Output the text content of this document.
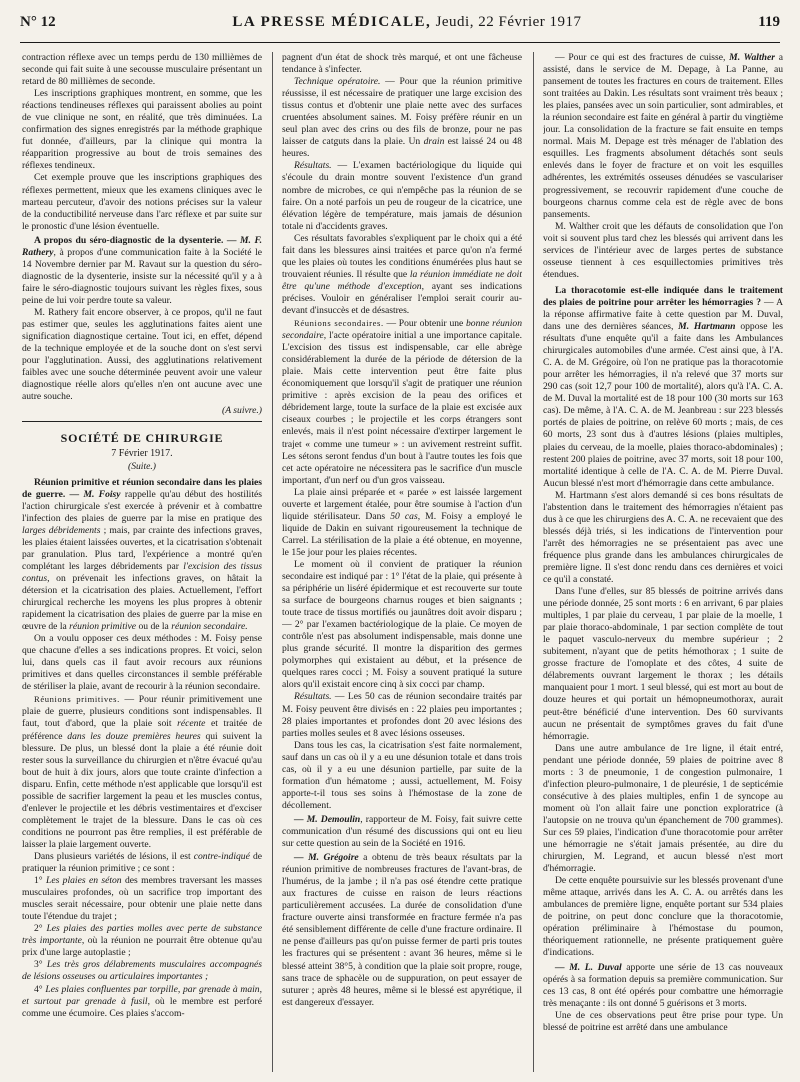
N° 12	LA PRESSE MÉDICALE, Jeudi, 22 Février 1917	119

contraction réflexe avec un temps perdu de 130 millièmes de seconde qui fait suite à une secousse musculaire présentant un retard de 80 millièmes de seconde.

Les inscriptions graphiques montrent, en somme, que les réactions tendineuses réflexes qui paraissent abolies au point de vue clinique ne sont, en réalité, que très diminuées. La confirmation des signes enregistrés par la méthode graphique fut donnée, d'ailleurs, par la clinique qui montra la réapparition progressive au bout de trois semaines des réflexes tendineux.

Cet exemple prouve que les inscriptions graphiques des réflexes permettent, mieux que les examens cliniques avec le marteau percuteur, d'avoir des notions précises sur la valeur de la conductibilité nerveuse dans l'arc réflexe et par suite sur le pronostic d'une lésion éventuelle.

A propos du séro-diagnostic de la dysenterie. — M. F. Rathery, à propos d'une communication faite à la Société le 14 Novembre dernier par M. Ravaut sur la question du séro-diagnostic de la dysenterie, insiste sur la nécessité qu'il y a à faire le séro-diagnostic toujours suivant les règles fixes, sous peine de lui voir perdre toute sa valeur.

M. Rathery fait encore observer, à ce propos, qu'il ne faut pas estimer que, seules les agglutinations faites aient une signification diagnostique certaine. Tout ici, en effet, dépend de la technique employée et de la souche dont on s'est servi pour l'agglutination. Aussi, des agglutinations relativement faibles avec une souche déterminée peuvent avoir une valeur diagnostique réelle alors qu'elles n'en ont aucune avec une autre souche.

(A suivre.)
SOCIÉTÉ DE CHIRURGIE
7 Février 1917.
(Suite.)

Réunion primitive et réunion secondaire dans les plaies de guerre. — M. Foisy rappelle qu'au début des hostilités l'action chirurgicale s'est exercée à prévenir et à combattre l'infection des plaies de guerre par la mise en pratique des larges débridements ; mais, par crainte des infections graves, les plaies étaient laissées ouvertes, et la cicatrisation s'obtenait par granulation. Plus tard, l'expérience a montré qu'en complétant les larges débridements par l'excision des tissus contus, on prévenait les infections graves, on hâtait la détersion et la cicatrisation des plaies. Actuellement, l'effort chirurgical recherche les moyens les plus propres à obtenir rapidement la cicatrisation des plaies de guerre par la mise en œuvre de la réunion primitive ou de la réunion secondaire.

On a voulu opposer ces deux méthodes : M. Foisy pense que chacune d'elles a ses indications propres. Et voici, selon lui, dans quels cas il faut avoir recours aux réunions primitives et dans quelles circonstances il semble préférable de stériliser la plaie, avant de recourir à la réunion secondaire.

Réunions primitives. — Pour réunir primitivement une plaie de guerre, plusieurs conditions sont indispensables. Il faut, tout d'abord, que la plaie soit récente et traitée de préférence dans les douze premières heures qui suivent la blessure. De plus, un blessé dont la plaie a été réunie doit rester sous la surveillance du chirurgien et n'être évacué qu'au bout de huit à dix jours, alors que toute crainte d'infection a disparu. Enfin, cette méthode n'est applicable que lorsqu'il est possible de sacrifier largement la peau et les muscles contus, d'enlever le projectile et les débris vestimentaires et d'exciser complètement le trajet de la blessure. Dans le cas où ces conditions ne pourront pas être remplies, il est préférable de laisser la plaie largement ouverte.

Dans plusieurs variétés de lésions, il est contre-indiqué de pratiquer la réunion primitive ; ce sont :

1° Les plaies en séton des membres traversant les masses musculaires profondes, où un sacrifice trop important des muscles serait nécessaire, pour obtenir une plaie nette dans toute l'étendue du trajet ;

2° Les plaies des parties molles avec perte de substance très importante, où la réunion ne pourrait être obtenue qu'au prix d'une large autoplastie ;

3° Les très gros délabrements musculaires accompagnés de lésions osseuses ou articulaires importantes ;

4° Les plaies confluentes par torpille, par grenade à main, et surtout par grenade à fusil, où le membre est perforé comme une écumoire. Ces plaies s'accom-

pagnent d'un état de shock très marqué, et ont une fâcheuse tendance à s'infecter.

Technique opératoire. — Pour que la réunion primitive réussisse, il est nécessaire de pratiquer une large excision des tissus contus et d'obtenir une plaie nette avec des surfaces cruentées absolument saines. M. Foisy préfère réunir en un seul plan avec des crins ou des fils de bronze, pour ne pas laisser de catguts dans la plaie. Un drain est laissé 24 ou 48 heures.

Résultats. — L'examen bactériologique du liquide qui s'écoule du drain montre souvent l'existence d'un grand nombre de microbes, ce qui n'empêche pas la réunion de se faire. On a noté parfois un peu de rougeur de la cicatrice, une élévation légère de température, mais jamais de désunion totale ni d'accidents graves.

Ces résultats favorables s'expliquent par le choix qui a été fait dans les blessures ainsi traitées et parce qu'on n'a fermé que les plaies où toutes les conditions énumérées plus haut se trouvaient réunies. Il résulte que la réunion immédiate ne doit être qu'une méthode d'exception, ayant ses indications précises. Vouloir en généraliser l'emploi serait courir au-devant d'insuccès et de désastres.

Réunions secondaires. — Pour obtenir une bonne réunion secondaire, l'acte opératoire initial a une importance capitale. L'excision des tissus est indispensable, car elle abrège considérablement la durée de la période de détersion de la plaie. Mais cette intervention peut être faite plus économiquement que lorsqu'il s'agit de pratiquer une réunion primitive : après excision de la peau des orifices et débridement large, toute la surface de la plaie est excisée aux ciseaux courbes ; le projectile et les corps étrangers sont enlevés, mais il n'est point nécessaire d'extirper largement le trajet « comme une tumeur » : un avivement restreint suffit. Les sétons seront fendus d'un bout à l'autre toutes les fois que cet acte opératoire ne nécessitera pas le sacrifice d'un muscle important, d'un nerf ou d'un gros vaisseau.

La plaie ainsi préparée et « parée » est laissée largement ouverte et largement étalée, pour être soumise à l'action d'un liquide stérilisateur. Dans 50 cas, M. Foisy a employé le liquide de Dakin en suivant rigoureusement la technique de Carrel. La stérilisation de la plaie a été obtenue, en moyenne, le 15e jour pour les plaies récentes.

Le moment où il convient de pratiquer la réunion secondaire est indiqué par : 1° l'état de la plaie, qui présente à sa périphérie un liséré épidermique et est recouverte sur toute sa surface de bourgeons charnus rouges et bien saignants ; toute trace de tissus mortifiés ou jaunâtres doit avoir disparu ; — 2° par l'examen bactériologique de la plaie. Ce moyen de contrôle n'est pas absolument indispensable, mais donne une plus grande sécurité. Il montre la disparition des germes polymorphes qui existaient au début, et la présence de quelques rares cocci ; M. Foisy a souvent pratiqué la suture alors qu'il existait encore cinq à six cocci par champ.

Résultats. — Les 50 cas de réunion secondaire traités par M. Foisy peuvent être divisés en : 22 plaies peu importantes ; 28 plaies importantes et profondes dont 20 avec lésions des parties molles seules et 8 avec lésions osseuses.

Dans tous les cas, la cicatrisation s'est faite normalement, sauf dans un cas où il y a eu une désunion totale et dans trois cas, où il y a eu une désunion partielle, par suite de la formation d'un hématome ; aussi, actuellement, M. Foisy apporte-t-il tous ses soins à l'hémostase de la zone de décollement.

— M. Demoulin, rapporteur de M. Foisy, fait suivre cette communication d'un résumé des discussions qui ont eu lieu sur cette question au sein de la Société en 1916.

— M. Grégoire a obtenu de très beaux résultats par la réunion primitive de nombreuses fractures de l'avant-bras, de l'humérus, de la jambe ; il n'a pas osé étendre cette pratique aux fractures de cuisse en raison de leurs réactions particulièrement accusées. La durée de consolidation d'une fracture ouverte ainsi transformée en fracture fermée n'a pas été sensiblement différente de celle d'une fracture ordinaire. Il ne pense d'ailleurs pas qu'on puisse fermer de parti pris toutes les fractures qui se présentent : avant 36 heures, même si le blessé atteint 38°5, à condition que la plaie soit propre, rouge, sans trace de sphacèle ou de suppuration, on peut essayer de suturer ; après 48 heures, même si le blessé est apyrétique, il est dangereux d'essayer.

— Pour ce qui est des fractures de cuisse, M. Walther a assisté, dans le service de M. Depage, à La Panne, au pansement de toutes les fractures en cours de traitement. Elles sont traitées au Dakin. Les résultats sont vraiment très beaux ; les plaies, pansées avec un soin particulier, sont admirables, et la réunion secondaire est faite en général à partir du vingtième jour. La consolidation de la fracture se fait ensuite en temps normal. Mais M. Depage est très ménager de l'ablation des esquilles. Les fragments absolument détachés sont seuls enlevés dans le foyer de fracture et on voit les esquilles adhérentes, les extrémités osseuses dénudées se vasculariser progressivement, se recouvrir rapidement d'une couche de bourgeons charnus comme cela est de règle avec de bons pansements.

M. Walther croit que les défauts de consolidation que l'on voit si souvent plus tard chez les blessés qui arrivent dans les services de l'intérieur avec de larges pertes de substance osseuse tiennent à ces esquillectomies primitives très étendues.

La thoracotomie est-elle indiquée dans le traitement des plaies de poitrine pour arrêter les hémorragies ? — A la réponse affirmative faite à cette question par M. Duval, dans une des dernières séances, M. Hartmann oppose les résultats d'une enquête qu'il a faite dans les Ambulances chirurgicales automobiles d'une armée. C'est ainsi que, à l'A. C. A. de M. Grégoire, où l'on ne pratique pas la thoracotomie pour arrêter les hémorragies, il n'a relevé que 37 morts sur 290 cas (soit 12,7 pour 100 de mortalité), alors qu'à l'A. C. A. de M. Duval la mortalité est de 18 pour 100 (30 morts sur 163 cas). De même, à l'A. C. A. de M. Jeanbreau : sur 223 blessés portés de plaies de poitrine, on relève 60 morts ; mais, de ces 60 morts, 23 sont dus à d'autres lésions (plaies multiples, plaies du cerveau, de la moelle, plaies thoraco-abdominales) ; restent 200 plaies de poitrine, avec 37 morts, soit 18 pour 100, mortalité identique à celle de l'A. C. A. de M. Pierre Duval. Aucun blessé n'est mort d'hémorragie dans cette ambulance.

M. Hartmann s'est alors demandé si ces bons résultats de l'abstention dans le traitement des hémorragies n'étaient pas dus à ce que les chirurgiens des A. C. A. ne recevaient que des blessés déjà triés, si les indications de l'intervention pour l'arrêt des hémorragies ne se présentaient pas avec une fréquence plus grande dans les ambulances chirurgicales de première ligne. Il s'est donc rendu dans ces dernières et voici ce qu'il a constaté.

Dans l'une d'elles, sur 85 blessés de poitrine arrivés dans une période donnée, 25 sont morts : 6 en arrivant, 6 par plaies multiples, 1 par plaie du cerveau, 1 par plaie de la moelle, 1 par plaie thoraco-abdominale, 1 par section complète de tout le paquet vasculo-nerveux du membre supérieur ; 2 subitement, n'ayant que de petits hémothorax ; 1 suite de grosse fracture de l'omoplate et des côtes, 4 suite de délabrements ouvrant largement le thorax ; les détails manquaient pour 1 mort. 1 seul blessé, qui est mort au bout de douze heures et qui portait un hémopneumothorax, aurait peut-être bénéficié d'une intervention. Des 60 survivants aucun ne présentait de symptômes graves du fait d'une hémorragie.

Dans une autre ambulance de 1re ligne, il était entré, pendant une période donnée, 59 plaies de poitrine avec 8 morts : 3 de pneumonie, 1 de congestion pulmonaire, 1 d'infection pleuro-pulmonaire, 1 de pleurésie, 1 de septicémie consécutive à des plaies multiples, enfin 1 de syncope au moment où l'on allait faire une ponction exploratrice (à l'autopsie on ne trouva qu'un épanchement de 700 grammes). Sur ces 59 plaies, l'indication d'une thoracotomie pour arrêter une hémorragie ne s'était jamais présentée, au dire du chirurgien, M. Legrand, et aucun blessé n'est mort d'hémorragie.

De cette enquête poursuivie sur les blessés provenant d'une même attaque, arrivés dans les A. C. A. ou arrêtés dans les ambulances de première ligne, enquête portant sur 534 plaies de poitrine, on peut donc conclure que la thoracotomie, opération préliminaire à l'hémostase du poumon, théoriquement rationnelle, ne présente pratiquement guère d'indications.

— M. L. Duval apporte une série de 13 cas nouveaux opérés à sa formation depuis sa première communication. Sur ces 13 cas, 8 ont été opérés pour combattre une hémorragie très menaçante : ils ont donné 5 guérisons et 3 morts.

Une de ces observations peut être prise pour type. Un blessé de poitrine est arrêté dans une ambulance
